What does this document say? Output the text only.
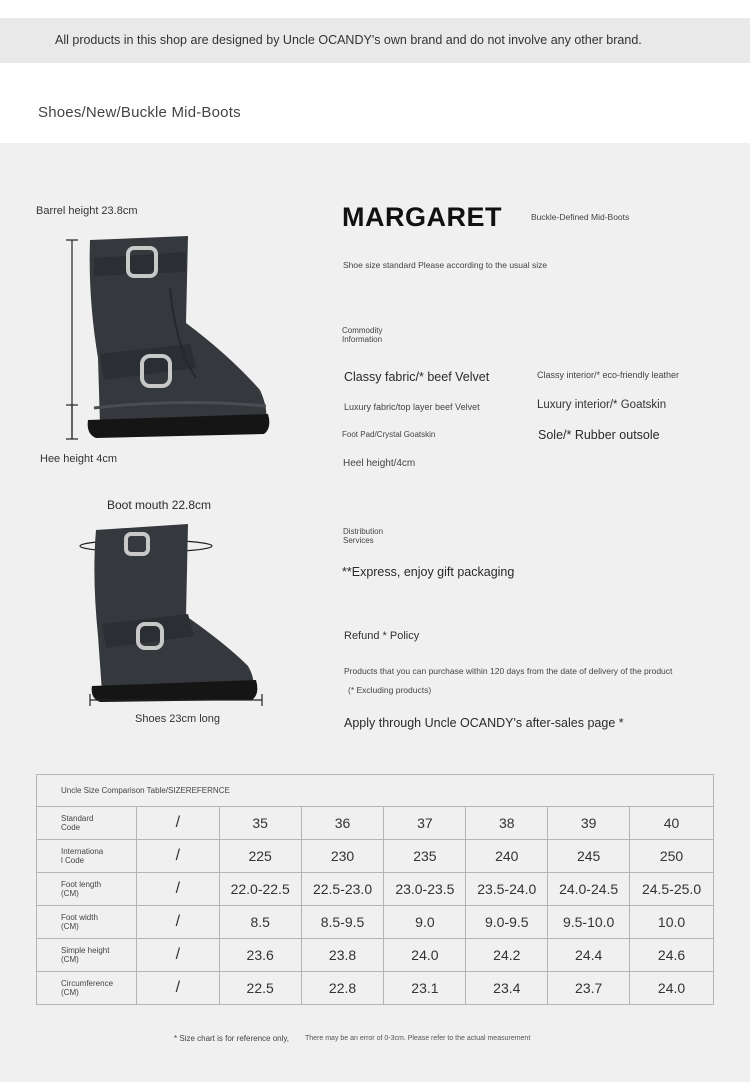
All products in this shop are designed by Uncle OCANDY's own brand and do not involve any other brand.
Shoes/New/Buckle Mid-Boots
Barrel height 23.8cm
Hee height 4cm
Boot mouth 22.8cm
Shoes 23cm long
MARGARET	Buckle-Defined Mid-Boots
Shoe size standard Please according to the usual size
Commodity
Information
Classy fabric/* beef Velvet	Classy interior/* eco-friendly leather
Luxury fabric/top layer beef Velvet	Luxury interior/* Goatskin
Foot Pad/Crystal Goatskin	Sole/* Rubber outsole
Heel height/4cm
Distribution
Services
**Express, enjoy gift packaging
Refund * Policy
Products that you can purchase within 120 days from the date of delivery of the product
(* Excluding products)
Apply through Uncle OCANDY's after-sales page *
Uncle Size Comparison Table/SIZEREFERNCE							
Standard
Code	/	35	36	37	38	39	40
Internationa
l Code	/	225	230	235	240	245	250
Foot length
(CM)	/	22.0-22.5	22.5-23.0	23.0-23.5	23.5-24.0	24.0-24.5	24.5-25.0
Foot width
(CM)	/	8.5	8.5-9.5	9.0	9.0-9.5	9.5-10.0	10.0
Simple height
(CM)	/	23.6	23.8	24.0	24.2	24.4	24.6
Circumference
(CM)	/	22.5	22.8	23.1	23.4	23.7	24.0
* Size chart is for reference only, There may be an error of 0-3cm. Please refer to the actual measurement
